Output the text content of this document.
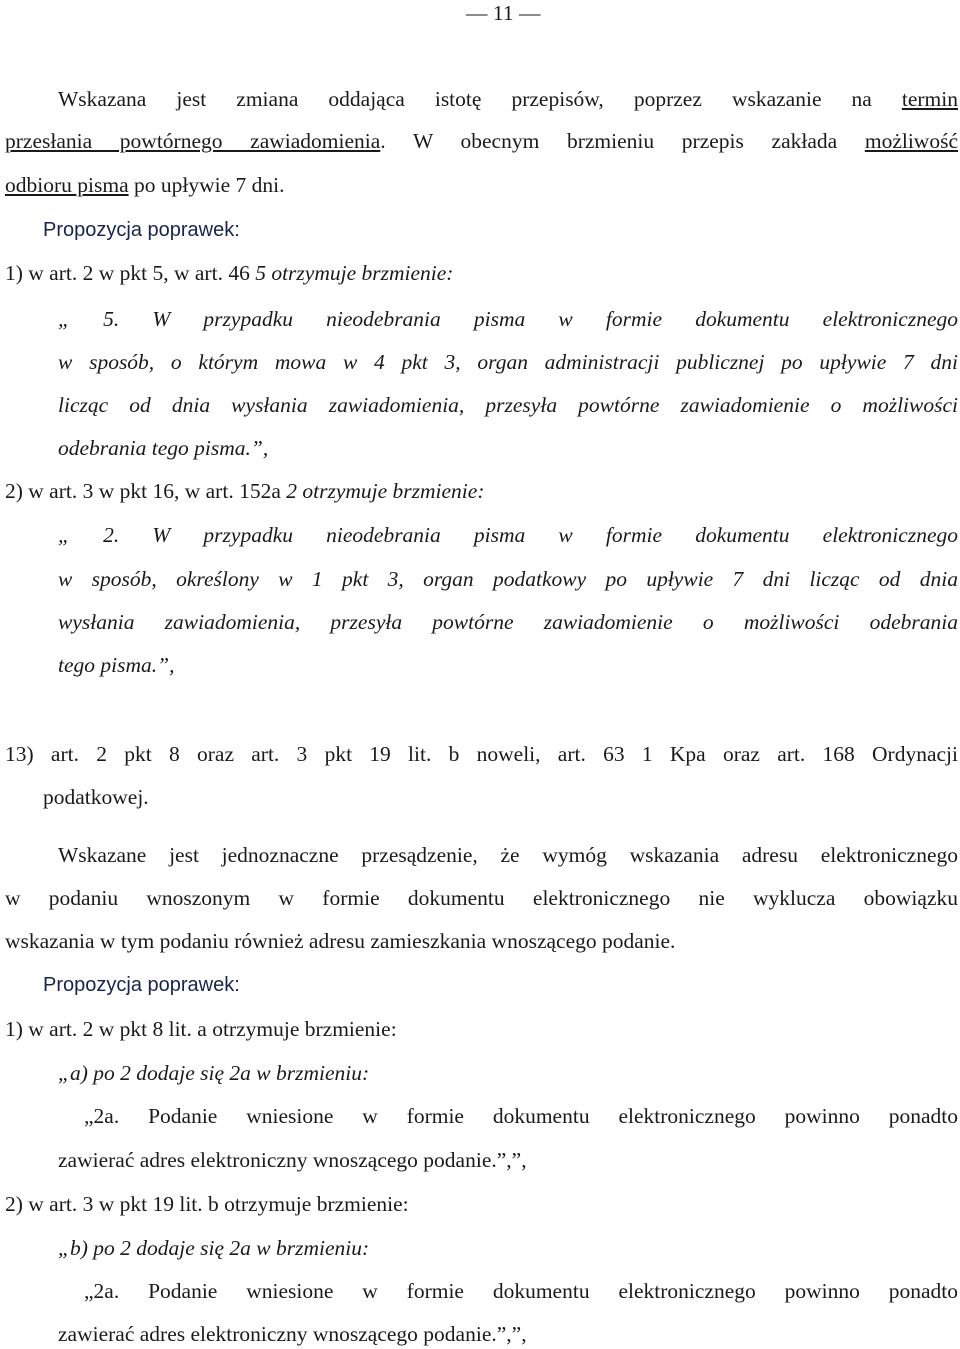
— 11 —

Wskazana jest zmiana oddająca istotę przepisów, poprzez wskazanie na termin

przesłania powtórnego zawiadomienia. W obecnym brzmieniu przepis zakłada możliwość

odbioru pisma po upływie 7 dni.

Propozycja poprawek:

1) w art. 2 w pkt 5, w art. 46 5 otrzymuje brzmienie:

„ 5. W przypadku nieodebrania pisma w formie dokumentu elektronicznego

w sposób, o którym mowa w 4 pkt 3, organ administracji publicznej po upływie 7 dni

licząc od dnia wysłania zawiadomienia, przesyła powtórne zawiadomienie o możliwości

odebrania tego pisma.”,

2) w art. 3 w pkt 16, w art. 152a 2 otrzymuje brzmienie:

„ 2. W przypadku nieodebrania pisma w formie dokumentu elektronicznego

w sposób, określony w 1 pkt 3, organ podatkowy po upływie 7 dni licząc od dnia

wysłania zawiadomienia, przesyła powtórne zawiadomienie o możliwości odebrania

tego pisma.”,

13) art. 2 pkt 8 oraz art. 3 pkt 19 lit. b noweli, art. 63 1 Kpa oraz art. 168 Ordynacji

podatkowej.

Wskazane jest jednoznaczne przesądzenie, że wymóg wskazania adresu elektronicznego

w podaniu wnoszonym w formie dokumentu elektronicznego nie wyklucza obowiązku

wskazania w tym podaniu również adresu zamieszkania wnoszącego podanie.

Propozycja poprawek:

1) w art. 2 w pkt 8 lit. a otrzymuje brzmienie:

„a) po 2 dodaje się 2a w brzmieniu:

„2a. Podanie wniesione w formie dokumentu elektronicznego powinno ponadto

zawierać adres elektroniczny wnoszącego podanie.”,”,

2) w art. 3 w pkt 19 lit. b otrzymuje brzmienie:

„b) po 2 dodaje się 2a w brzmieniu:

„2a. Podanie wniesione w formie dokumentu elektronicznego powinno ponadto

zawierać adres elektroniczny wnoszącego podanie.”,”,
